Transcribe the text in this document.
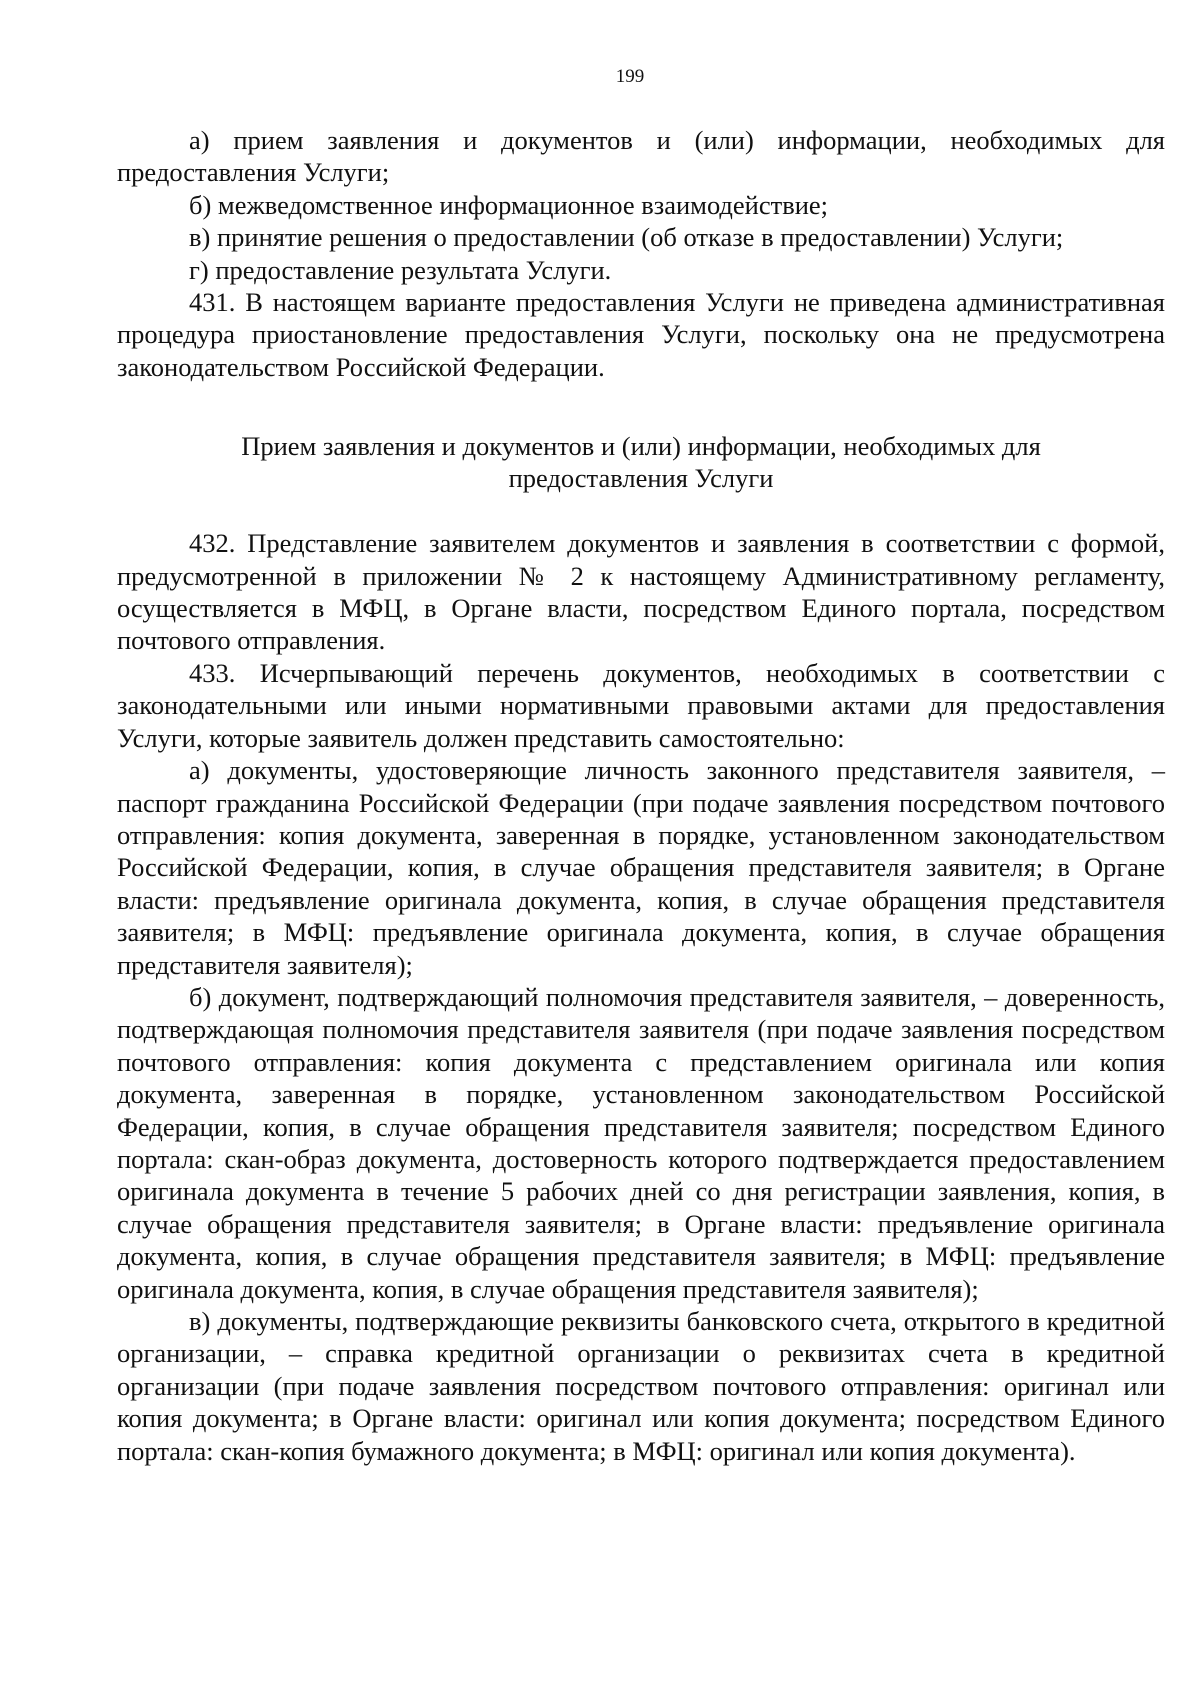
199

а) прием заявления и документов и (или) информации, необходимых для предоставления Услуги;

б) межведомственное информационное взаимодействие;

в) принятие решения о предоставлении (об отказе в предоставлении) Услуги;

г) предоставление результата Услуги.

431. В настоящем варианте предоставления Услуги не приведена административная процедура приостановление предоставления Услуги, поскольку она не предусмотрена законодательством Российской Федерации.

Прием заявления и документов и (или) информации, необходимых для
предоставления Услуги

432. Представление заявителем документов и заявления в соответствии с формой, предусмотренной в приложении № 2 к настоящему Административному регламенту, осуществляется в МФЦ, в Органе власти, посредством Единого портала, посредством почтового отправления.

433. Исчерпывающий перечень документов, необходимых в соответствии с законодательными или иными нормативными правовыми актами для предоставления Услуги, которые заявитель должен представить самостоятельно:

а) документы, удостоверяющие личность законного представителя заявителя, – паспорт гражданина Российской Федерации (при подаче заявления посредством почтового отправления: копия документа, заверенная в порядке, установленном законодательством Российской Федерации, копия, в случае обращения представителя заявителя; в Органе власти: предъявление оригинала документа, копия, в случае обращения представителя заявителя; в МФЦ: предъявление оригинала документа, копия, в случае обращения представителя заявителя);

б) документ, подтверждающий полномочия представителя заявителя, – доверенность, подтверждающая полномочия представителя заявителя (при подаче заявления посредством почтового отправления: копия документа с представлением оригинала или копия документа, заверенная в порядке, установленном законодательством Российской Федерации, копия, в случае обращения представителя заявителя; посредством Единого портала: скан-образ документа, достоверность которого подтверждается предоставлением оригинала документа в течение 5 рабочих дней со дня регистрации заявления, копия, в случае обращения представителя заявителя; в Органе власти: предъявление оригинала документа, копия, в случае обращения представителя заявителя; в МФЦ: предъявление оригинала документа, копия, в случае обращения представителя заявителя);

в) документы, подтверждающие реквизиты банковского счета, открытого в кредитной организации, – справка кредитной организации о реквизитах счета в кредитной организации (при подаче заявления посредством почтового отправления: оригинал или копия документа; в Органе власти: оригинал или копия документа; посредством Единого портала: скан-копия бумажного документа; в МФЦ: оригинал или копия документа).
